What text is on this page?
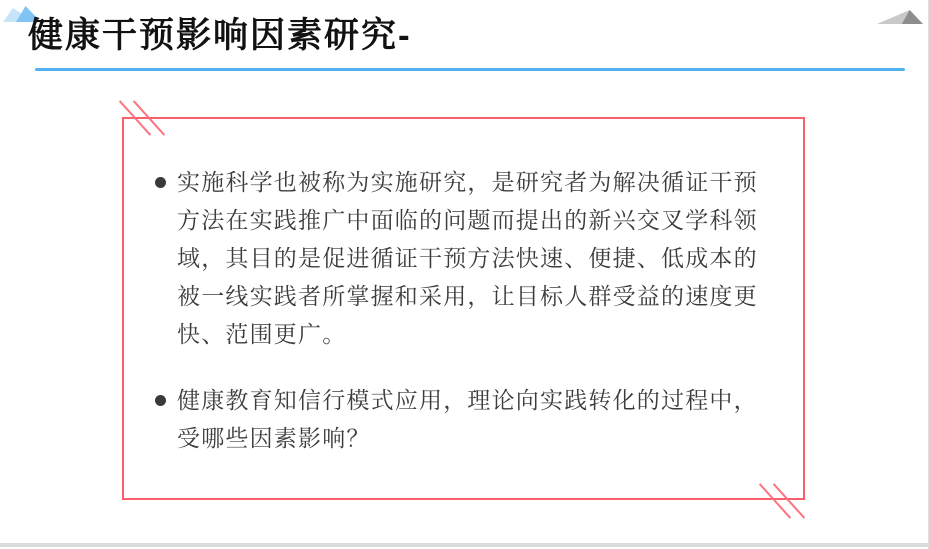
健康干预影响因素研究-
实施科学也被称为实施研究，是研究者为解决循证干预
方法在实践推广中面临的问题而提出的新兴交叉学科领
域，其目的是促进循证干预方法快速、便捷、低成本的
被一线实践者所掌握和采用，让目标人群受益的速度更
快、范围更广。
健康教育知信行模式应用，理论向实践转化的过程中，
受哪些因素影响？
